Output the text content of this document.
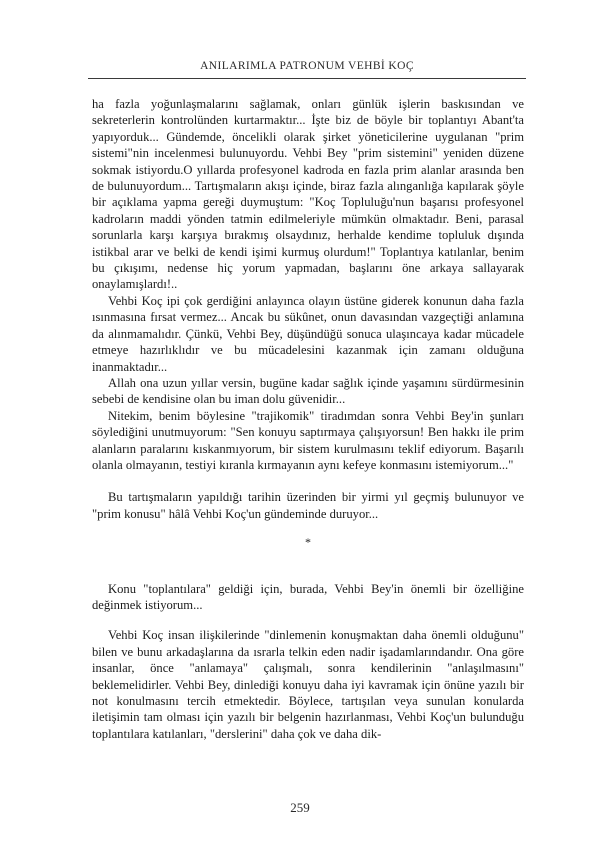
ANILARIMLA PATRONUM VEHBİ KOÇ

ha fazla yoğunlaşmalarını sağlamak, onları günlük işlerin baskısından ve sekreterlerin kontrolünden kurtarmaktır... İşte biz de böyle bir toplantıyı Abant'ta yapıyorduk... Gündemde, öncelikli olarak şirket yöneticilerine uygulanan "prim sistemi"nin incelenmesi bulunuyordu. Vehbi Bey "prim sistemini" yeniden düzene sokmak istiyordu.O yıllarda profesyonel kadroda en fazla prim alanlar arasında ben de bulunuyordum... Tartışmaların akışı içinde, biraz fazla alınganlığa kapılarak şöyle bir açıklama yapma gereği duymuştum: "Koç Topluluğu'nun başarısı profesyonel kadroların maddi yönden tatmin edilmeleriyle mümkün olmaktadır. Beni, parasal sorunlarla karşı karşıya bırakmış olsaydınız, herhalde kendime topluluk dışında istikbal arar ve belki de kendi işimi kurmuş olurdum!" Toplantıya katılanlar, benim bu çıkışımı, nedense hiç yorum yapmadan, başlarını öne arkaya sallayarak onaylamışlardı!..

Vehbi Koç ipi çok gerdiğini anlayınca olayın üstüne giderek konunun daha fazla ısınmasına fırsat vermez... Ancak bu sükûnet, onun davasından vazgeçtiği anlamına da alınmamalıdır. Çünkü, Vehbi Bey, düşündüğü sonuca ulaşıncaya kadar mücadele etmeye hazırlıklıdır ve bu mücadelesini kazanmak için zamanı olduğuna inanmaktadır...

Allah ona uzun yıllar versin, bugüne kadar sağlık içinde yaşamını sürdürmesinin sebebi de kendisine olan bu iman dolu güvenidir...

Nitekim, benim böylesine "trajikomik" tiradımdan sonra Vehbi Bey'in şunları söylediğini unutmuyorum: "Sen konuyu saptırmaya çalışıyorsun! Ben hakkı ile prim alanların paralarını kıskanmıyorum, bir sistem kurulmasını teklif ediyorum. Başarılı olanla olmayanın, testiyi kıranla kırmayanın aynı kefeye konmasını istemiyorum..."

Bu tartışmaların yapıldığı tarihin üzerinden bir yirmi yıl geçmiş bulunuyor ve "prim konusu" hâlâ Vehbi Koç'un gündeminde duruyor...

*

Konu "toplantılara" geldiği için, burada, Vehbi Bey'in önemli bir özelliğine değinmek istiyorum...

Vehbi Koç insan ilişkilerinde "dinlemenin konuşmaktan daha önemli olduğunu" bilen ve bunu arkadaşlarına da ısrarla telkin eden nadir işadamlarındandır. Ona göre insanlar, önce "anlamaya" çalışmalı, sonra kendilerinin "anlaşılmasını" beklemelidirler. Vehbi Bey, dinlediği konuyu daha iyi kavramak için önüne yazılı bir not konulmasını tercih etmektedir. Böylece, tartışılan veya sunulan konularda iletişimin tam olması için yazılı bir belgenin hazırlanması, Vehbi Koç'un bulunduğu toplantılara katılanları, "derslerini" daha çok ve daha dik-

259
